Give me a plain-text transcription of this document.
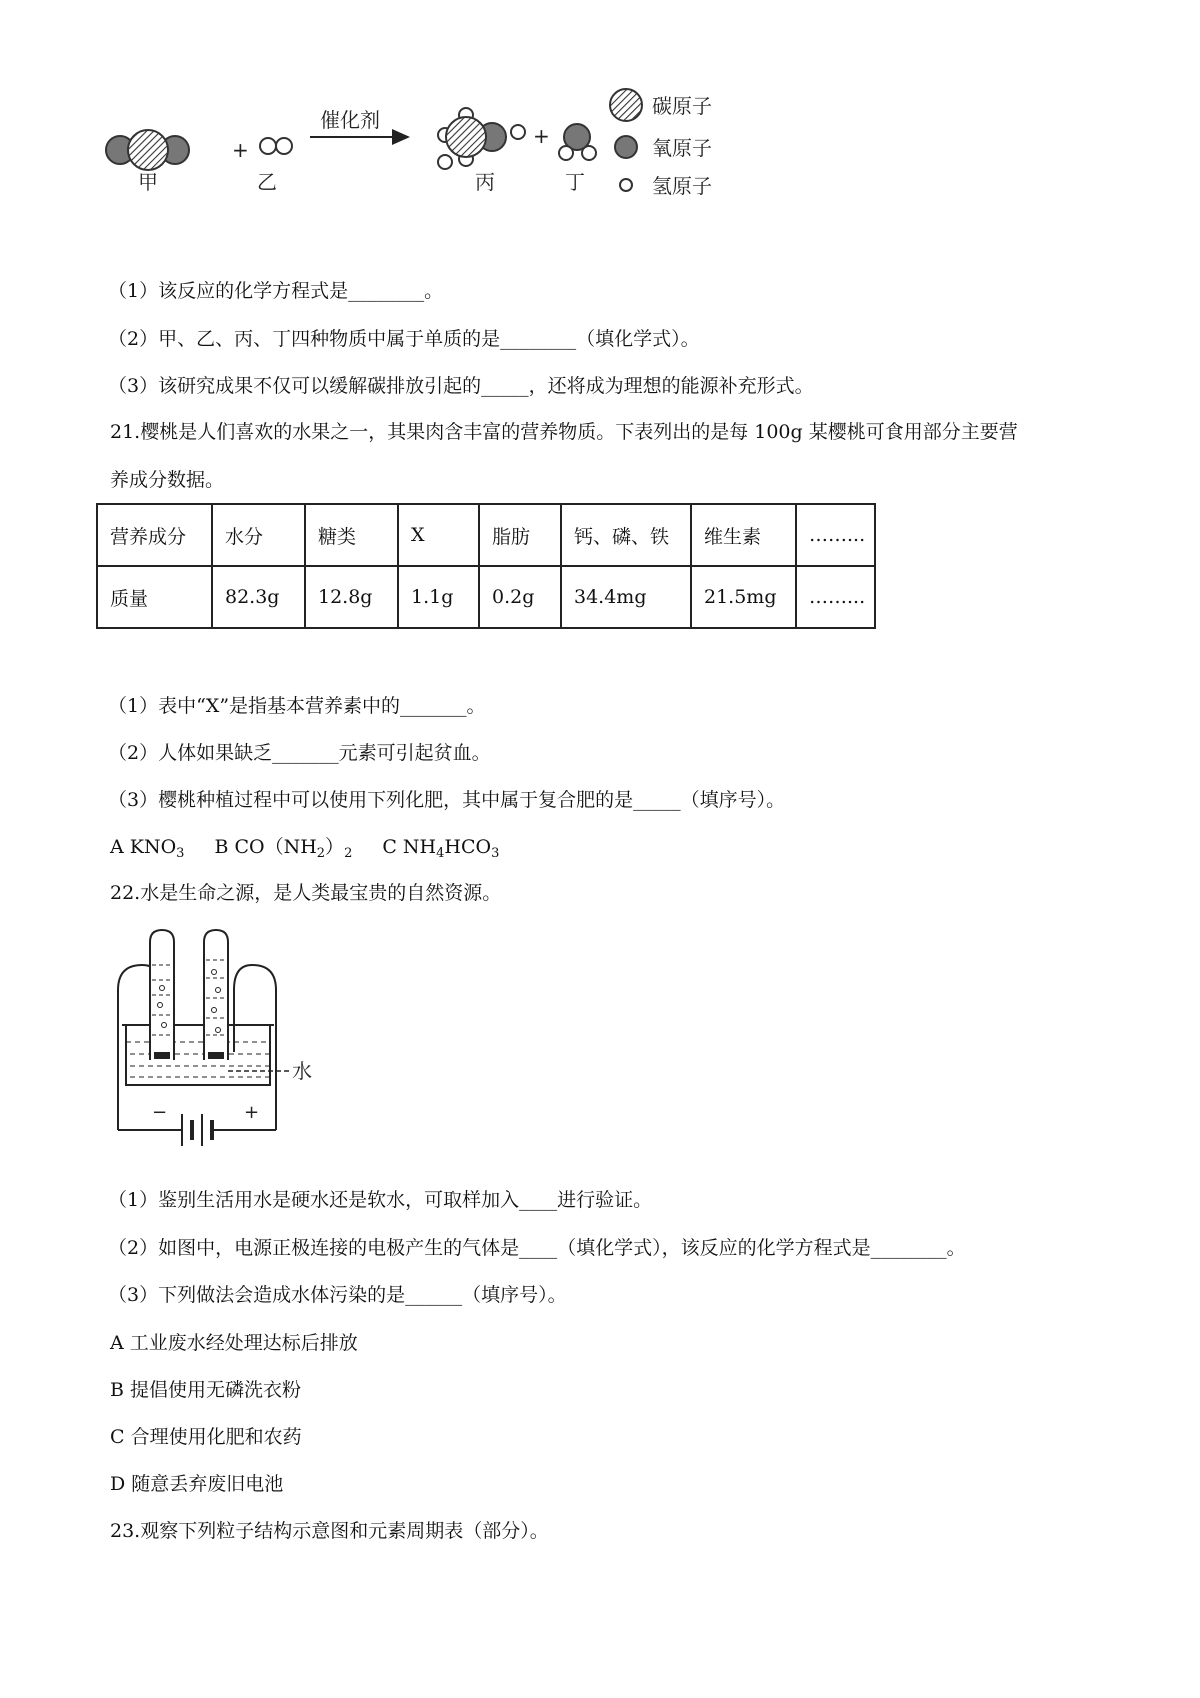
+
催化剂
+
甲	乙	丙	丁
碳原子
氧原子
氢原子
（1）该反应的化学方程式是________。
（2）甲、乙、丙、丁四种物质中属于单质的是________（填化学式）。
（3）该研究成果不仅可以缓解碳排放引起的_____，还将成为理想的能源补充形式。
21.樱桃是人们喜欢的水果之一，其果肉含丰富的营养物质。下表列出的是每 100g 某樱桃可食用部分主要营
养成分数据。
营养成分	水分	糖类	X	脂肪	钙、磷、铁	维生素	……...
质量	82.3g	12.8g	1.1g	0.2g	34.4mg	21.5mg	……...
（1）表中“X”是指基本营养素中的_______。
（2）人体如果缺乏_______元素可引起贫血。
（3）樱桃种植过程中可以使用下列化肥，其中属于复合肥的是_____（填序号）。
A $KNO_3$ B $CO(NH_2)_2$ C $NH_4HCO_3$
22.水是生命之源，是人类最宝贵的自然资源。
−	+
水
（1）鉴别生活用水是硬水还是软水，可取样加入____进行验证。
（2）如图中，电源正极连接的电极产生的气体是____（填化学式），该反应的化学方程式是________。
（3）下列做法会造成水体污染的是______（填序号）。
A 工业废水经处理达标后排放
B 提倡使用无磷洗衣粉
C 合理使用化肥和农药
D 随意丢弃废旧电池
23.观察下列粒子结构示意图和元素周期表（部分）。
